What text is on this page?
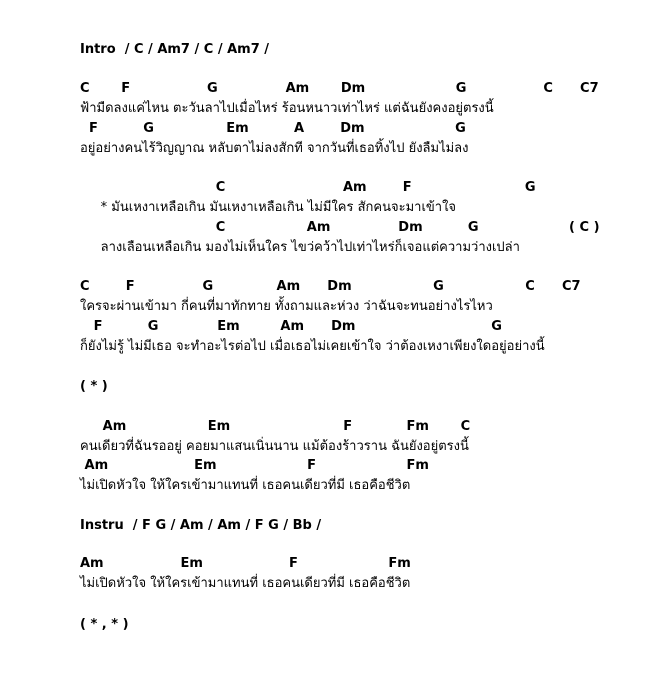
Intro  / C / Am7 / C / Am7 /
C       F                 G               Am       Dm                    G                 C      C7
ฟ้ามืดลงแค่ไหน ตะวันลาไปเมื่อไหร่ ร้อนหนาวเท่าไหร่ แต่ฉันยังคงอยู่ตรงนี้
F          G                Em          A        Dm                    G
อยู่อย่างคนไร้วิญญาณ หลับตาไม่ลงสักที จากวันที่เธอทิ้งไป ยังลืมไม่ลง
C                          Am        F                         G
* มันเหงาเหลือเกิน มันเหงาเหลือเกิน ไม่มีใคร สักคนจะมาเข้าใจ
C                  Am               Dm          G                    ( C )
ลางเลือนเหลือเกิน มองไม่เห็นใคร ไขว่คว้าไปเท่าไหร่ก็เจอแต่ความว่างเปล่า
C        F               G              Am      Dm                  G                  C      C7
ใครจะผ่านเข้ามา กี่คนที่มาทักทาย ทั้งถามและห่วง ว่าฉันจะทนอย่างไรไหว
F          G             Em         Am      Dm                              G
ก็ยังไม่รู้ ไม่มีเธอ จะทำอะไรต่อไป เมื่อเธอไม่เคยเข้าใจ ว่าต้องเหงาเพียงใดอยู่อย่างนี้
( * )
Am                  Em                         F            Fm       C
คนเดียวที่ฉันรออยู่ คอยมาแสนเนิ่นนาน แม้ต้องร้าวราน ฉันยังอยู่ตรงนี้
Am                   Em                    F                    Fm
ไม่เปิดหัวใจ ให้ใครเข้ามาแทนที่ เธอคนเดียวที่มี เธอคือชีวิต
Instru  / F G / Am / Am / F G / Bb /
Am                 Em                   F                    Fm
ไม่เปิดหัวใจ ให้ใครเข้ามาแทนที่ เธอคนเดียวที่มี เธอคือชีวิต
( * , * )
